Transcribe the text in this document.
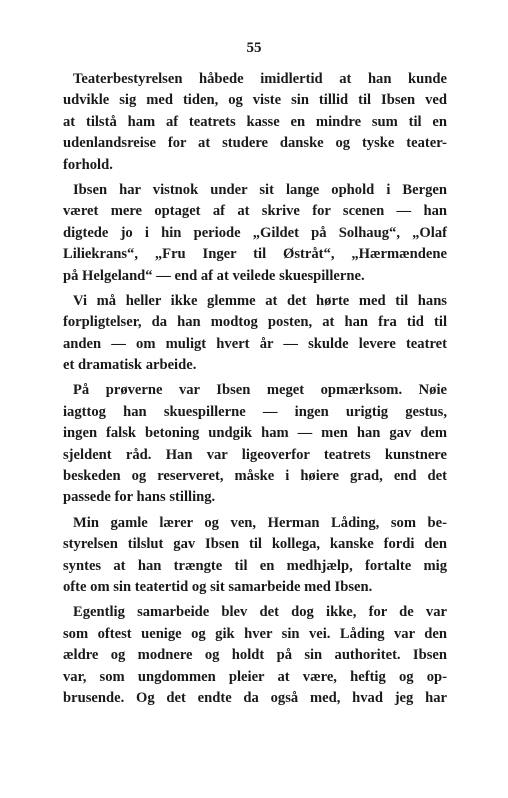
55
Teaterbestyrelsen håbede imidlertid at han kunde
udvikle sig med tiden, og viste sin tillid til Ibsen ved
at tilstå ham af teatrets kasse en mindre sum til en
udenlandsreise for at studere danske og tyske teater-
forhold.
Ibsen har vistnok under sit lange ophold i Bergen
været mere optaget af at skrive for scenen — han
digtede jo i hin periode „Gildet på Solhaug“, „Olaf
Liliekrans“, „Fru Inger til Østråt“, „Hærmændene
på Helgeland“ — end af at veilede skuespillerne.
Vi må heller ikke glemme at det hørte med til hans
forpligtelser, da han modtog posten, at han fra tid til
anden — om muligt hvert år — skulde levere teatret
et dramatisk arbeide.
På prøverne var Ibsen meget opmærksom. Nøie
iagttog han skuespillerne — ingen urigtig gestus,
ingen falsk betoning undgik ham — men han gav dem
sjeldent råd. Han var ligeoverfor teatrets kunstnere
beskeden og reserveret, måske i høiere grad, end det
passede for hans stilling.
Min gamle lærer og ven, Herman Låding, som be-
styrelsen tilslut gav Ibsen til kollega, kanske fordi den
syntes at han trængte til en medhjælp, fortalte mig
ofte om sin teatertid og sit samarbeide med Ibsen.
Egentlig samarbeide blev det dog ikke, for de var
som oftest uenige og gik hver sin vei. Låding var den
ældre og modnere og holdt på sin authoritet. Ibsen
var, som ungdommen pleier at være, heftig og op-
brusende. Og det endte da også med, hvad jeg har
